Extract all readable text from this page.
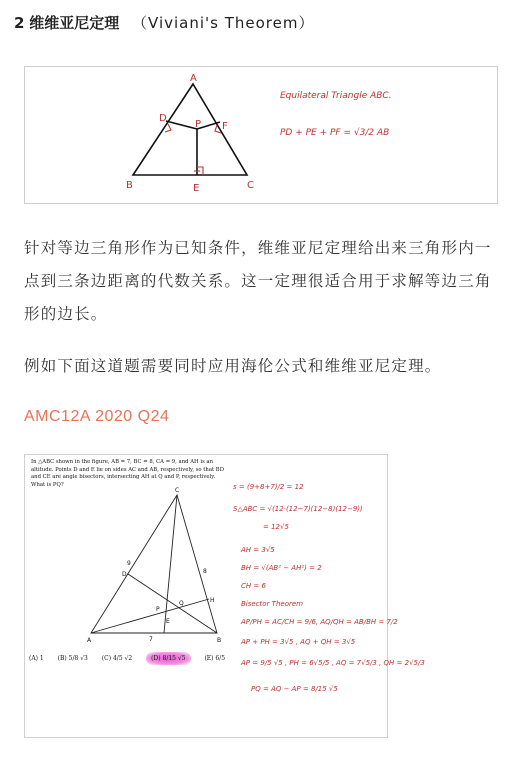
2 维维亚尼定理 （Viviani's Theorem）
A
B	C
D
E
F
P
Equilateral Triangle ABC.
PD + PE + PF = √3/2 AB
针对等边三角形作为已知条件，维维亚尼定理给出来三角形内一点到三条边距离的代数关系。这一定理很适合用于求解等边三角形的边长。
例如下面这道题需要同时应用海伦公式和维维亚尼定理。
AMC12A 2020 Q24
In △ABC shown in the figure, AB = 7, BC = 8, CA = 9, and AH is an altitude. Points D and E lie on sides AC and AB, respectively, so that BD and CE are angle bisectors, intersecting AH at Q and P, respectively. What is PQ?
C
A	B
D
E
H
P
Q
7
8
9
s = (9+8+7)/2 = 12
S△ABC = √(12·(12−7)(12−8)(12−9))
= 12√5
AH = 3√5
BH = √(AB² − AH²) = 2
CH = 6
Bisector Theorem
AP/PH = AC/CH = 9/6, AQ/QH = AB/BH = 7/2
AP + PH = 3√5 , AQ + QH = 3√5
AP = 9/5 √5 , PH = 6√5/5 , AQ = 7√5/3 , QH = 2√5/3
PQ = AQ − AP = 8/15 √5
(A) 1 (B) 5/8 √3 (C) 4/5 √2	(D) 8/15 √5	(E) 6/5
